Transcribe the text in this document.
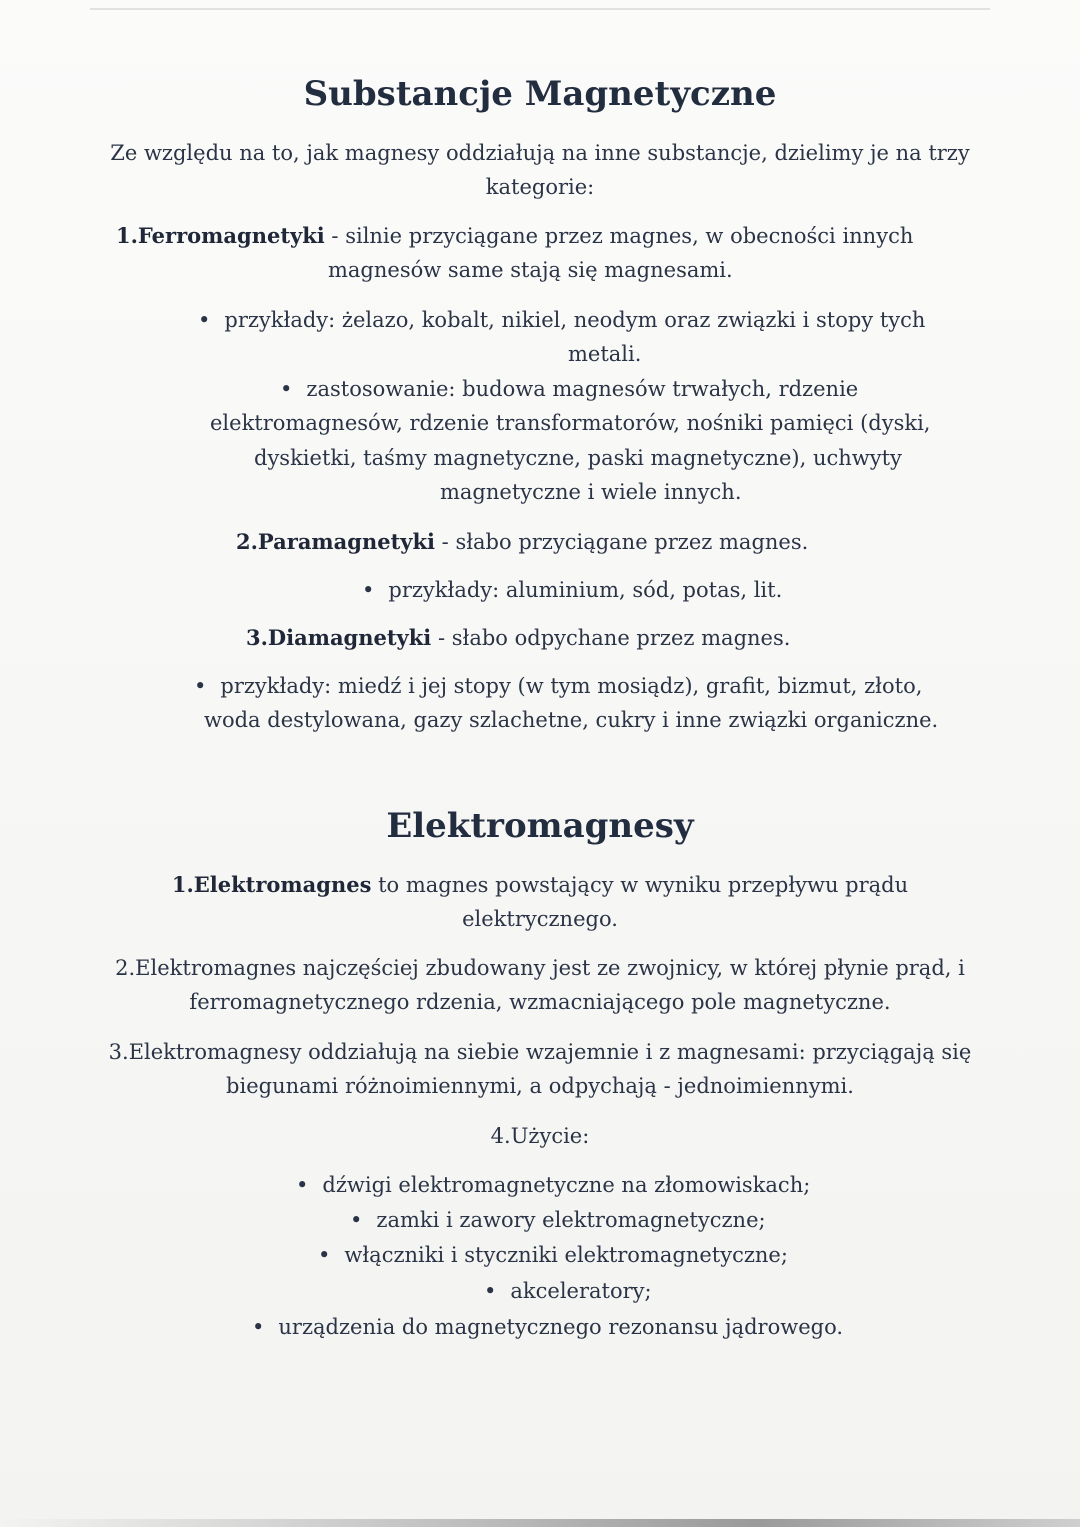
Substancje Magnetyczne

Ze względu na to, jak magnesy oddziałują na inne substancje, dzielimy je na trzy

kategorie:

1.Ferromagnetyki - silnie przyciągane przez magnes, w obecności innych

magnesów same stają się magnesami.

• przykłady: żelazo, kobalt, nikiel, neodym oraz związki i stopy tych

metali.

• zastosowanie: budowa magnesów trwałych, rdzenie

elektromagnesów, rdzenie transformatorów, nośniki pamięci (dyski,

dyskietki, taśmy magnetyczne, paski magnetyczne), uchwyty

magnetyczne i wiele innych.

2.Paramagnetyki - słabo przyciągane przez magnes.

• przykłady: aluminium, sód, potas, lit.

3.Diamagnetyki - słabo odpychane przez magnes.

• przykłady: miedź i jej stopy (w tym mosiądz), grafit, bizmut, złoto,

woda destylowana, gazy szlachetne, cukry i inne związki organiczne.

Elektromagnesy

1.Elektromagnes to magnes powstający w wyniku przepływu prądu

elektrycznego.

2.Elektromagnes najczęściej zbudowany jest ze zwojnicy, w której płynie prąd, i

ferromagnetycznego rdzenia, wzmacniającego pole magnetyczne.

3.Elektromagnesy oddziałują na siebie wzajemnie i z magnesami: przyciągają się

biegunami różnoimiennymi, a odpychają - jednoimiennymi.

4.Użycie:

• dźwigi elektromagnetyczne na złomowiskach;

• zamki i zawory elektromagnetyczne;

• włączniki i styczniki elektromagnetyczne;

• akceleratory;

• urządzenia do magnetycznego rezonansu jądrowego.
